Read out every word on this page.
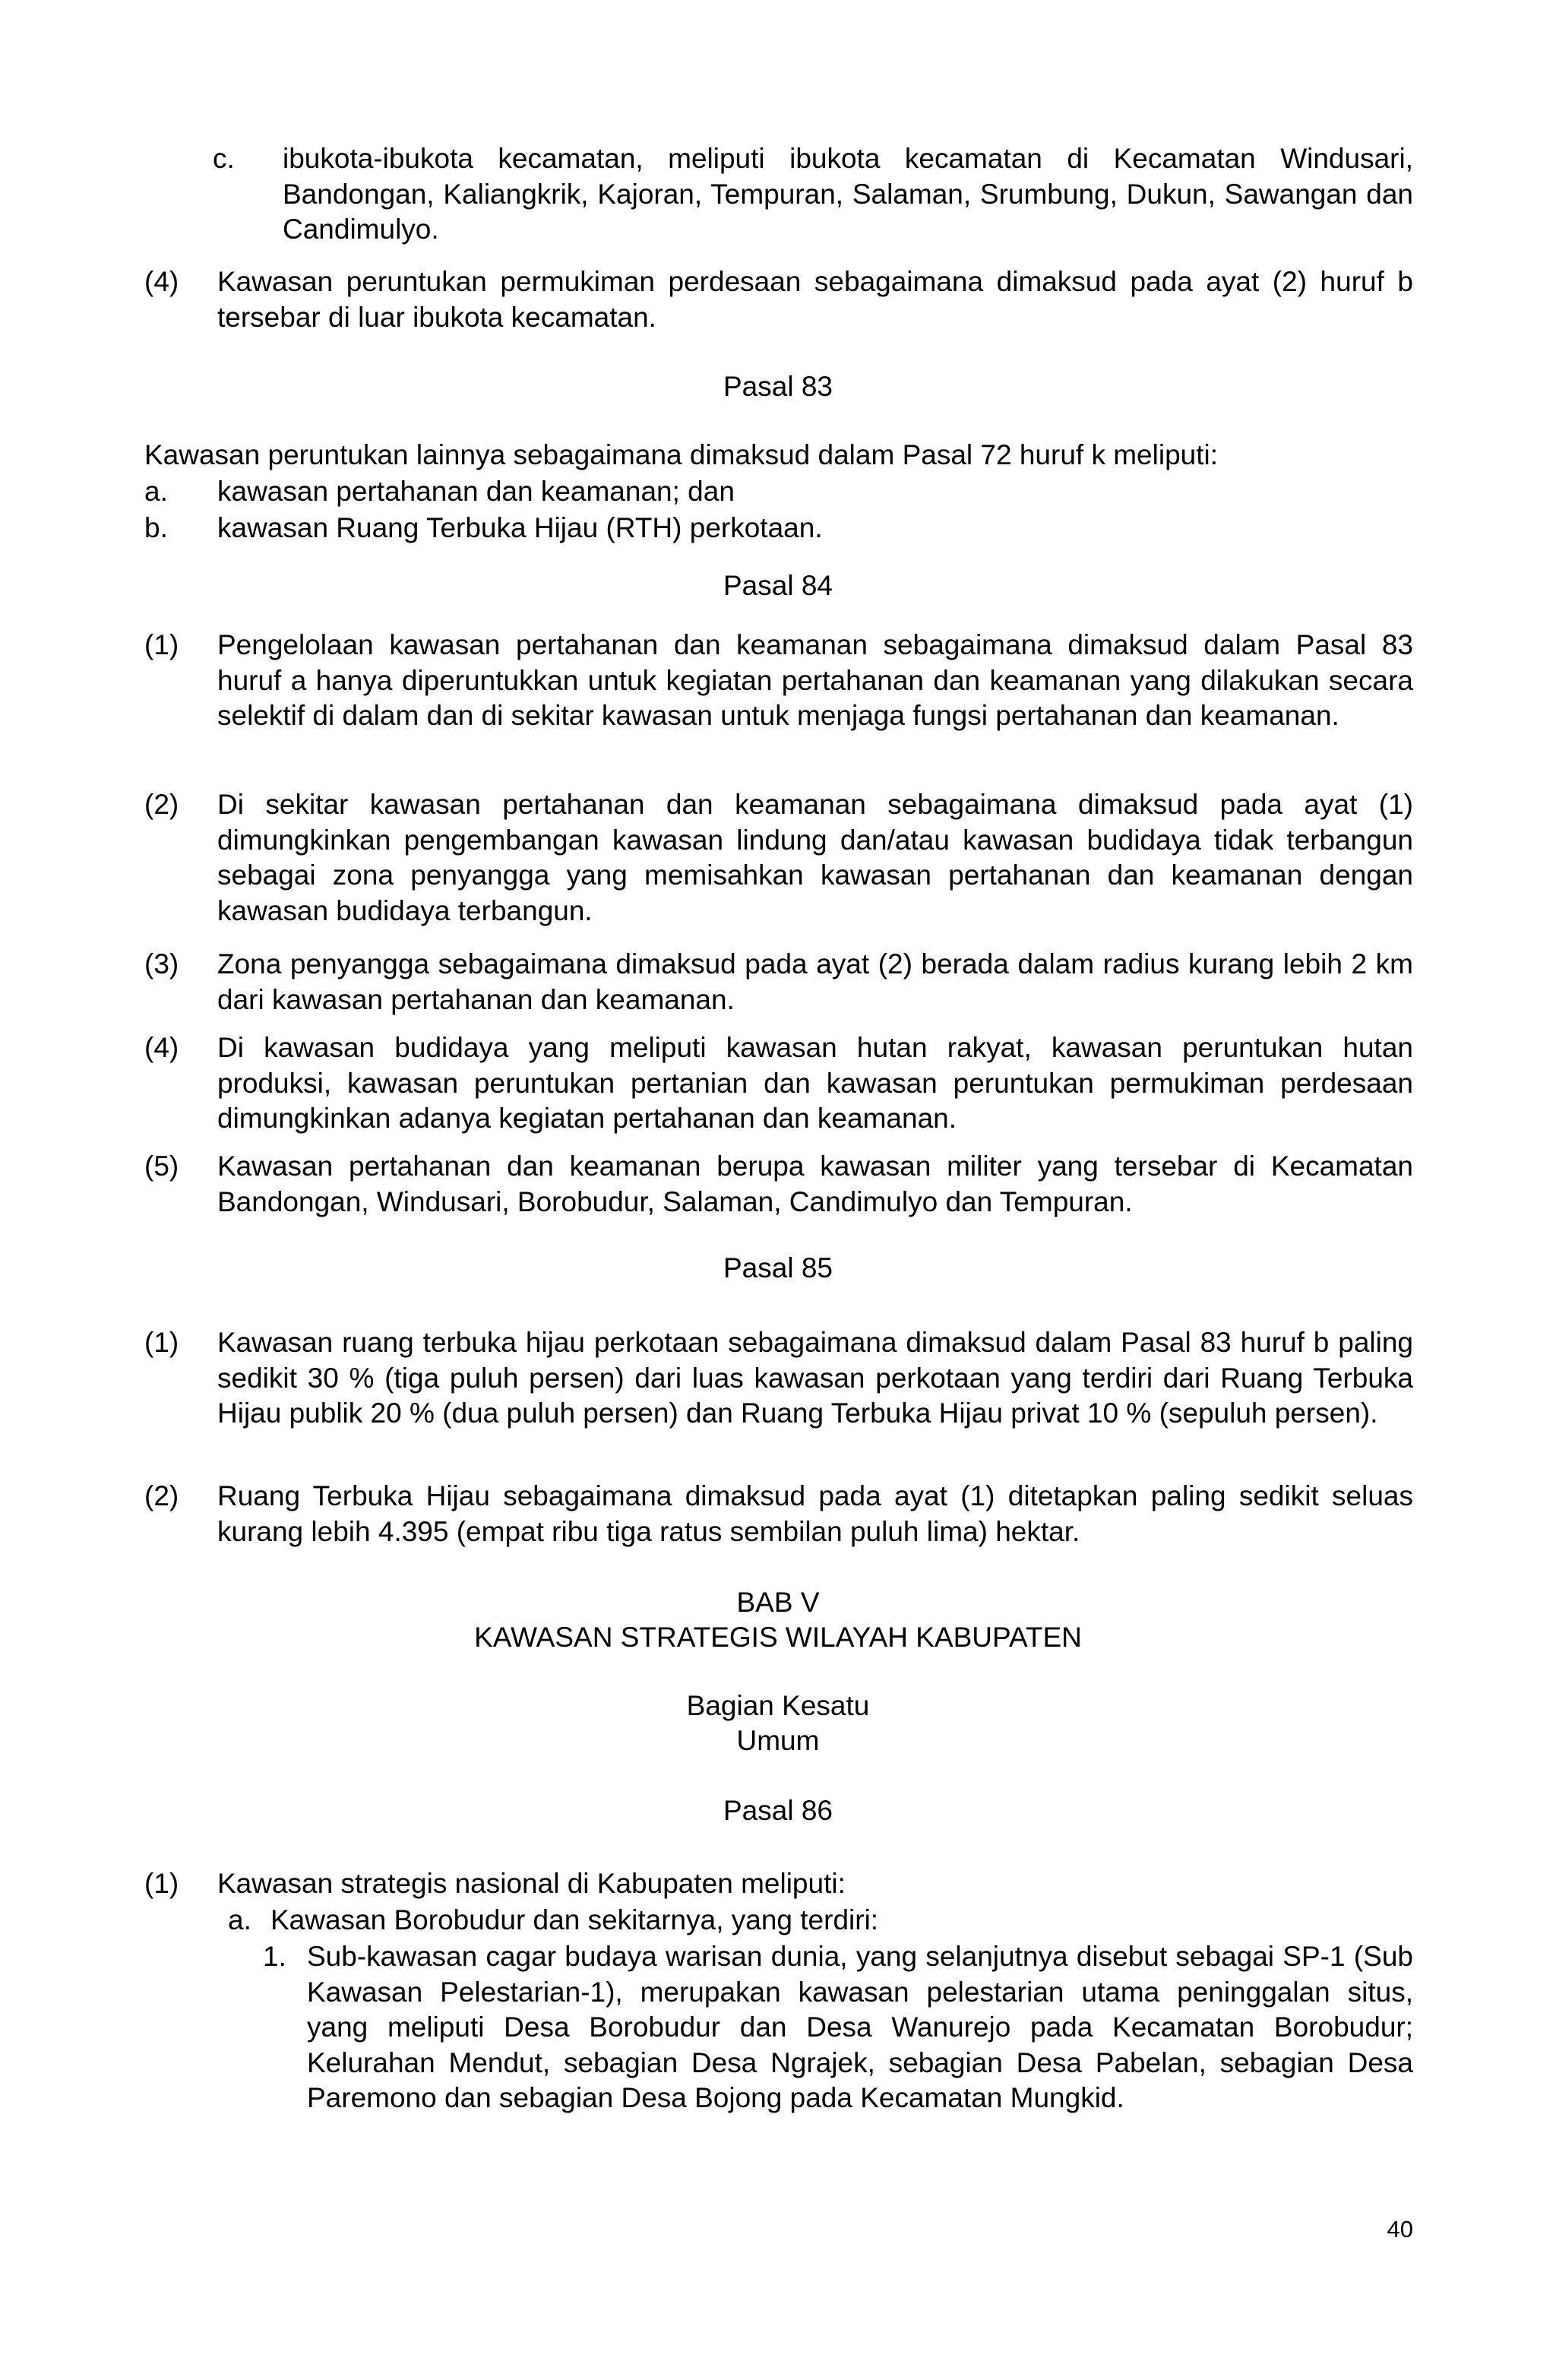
c. ibukota-ibukota kecamatan, meliputi ibukota kecamatan di Kecamatan Windusari, Bandongan, Kaliangkrik, Kajoran, Tempuran, Salaman, Srumbung, Dukun, Sawangan dan Candimulyo.
(4) Kawasan peruntukan permukiman perdesaan sebagaimana dimaksud pada ayat (2) huruf b tersebar di luar ibukota kecamatan.
Pasal 83
Kawasan peruntukan lainnya sebagaimana dimaksud dalam Pasal 72 huruf k meliputi:
a. kawasan pertahanan dan keamanan; dan
b. kawasan Ruang Terbuka Hijau (RTH) perkotaan.
Pasal 84
(1) Pengelolaan kawasan pertahanan dan keamanan sebagaimana dimaksud dalam Pasal 83 huruf a hanya diperuntukkan untuk kegiatan pertahanan dan keamanan yang dilakukan secara selektif di dalam dan di sekitar kawasan untuk menjaga fungsi pertahanan dan keamanan.
(2) Di sekitar kawasan pertahanan dan keamanan sebagaimana dimaksud pada ayat (1) dimungkinkan pengembangan kawasan lindung dan/atau kawasan budidaya tidak terbangun sebagai zona penyangga yang memisahkan kawasan pertahanan dan keamanan dengan kawasan budidaya terbangun.
(3) Zona penyangga sebagaimana dimaksud pada ayat (2) berada dalam radius kurang lebih 2 km dari kawasan pertahanan dan keamanan.
(4) Di kawasan budidaya yang meliputi kawasan hutan rakyat, kawasan peruntukan hutan produksi, kawasan peruntukan pertanian dan kawasan peruntukan permukiman perdesaan dimungkinkan adanya kegiatan pertahanan dan keamanan.
(5) Kawasan pertahanan dan keamanan berupa kawasan militer yang tersebar di Kecamatan Bandongan, Windusari, Borobudur, Salaman, Candimulyo dan Tempuran.
Pasal 85
(1) Kawasan ruang terbuka hijau perkotaan sebagaimana dimaksud dalam Pasal 83 huruf b paling sedikit 30 % (tiga puluh persen) dari luas kawasan perkotaan yang terdiri dari Ruang Terbuka Hijau publik 20 % (dua puluh persen) dan Ruang Terbuka Hijau privat 10 % (sepuluh persen).
(2) Ruang Terbuka Hijau sebagaimana dimaksud pada ayat (1) ditetapkan paling sedikit seluas kurang lebih 4.395 (empat ribu tiga ratus sembilan puluh lima) hektar.
BAB V
KAWASAN STRATEGIS WILAYAH KABUPATEN
Bagian Kesatu
Umum
Pasal 86
(1) Kawasan strategis nasional di Kabupaten meliputi:
a. Kawasan Borobudur dan sekitarnya, yang terdiri:
1. Sub-kawasan cagar budaya warisan dunia, yang selanjutnya disebut sebagai SP-1 (Sub Kawasan Pelestarian-1), merupakan kawasan pelestarian utama peninggalan situs, yang meliputi Desa Borobudur dan Desa Wanurejo pada Kecamatan Borobudur; Kelurahan Mendut, sebagian Desa Ngrajek, sebagian Desa Pabelan, sebagian Desa Paremono dan sebagian Desa Bojong pada Kecamatan Mungkid.
40
